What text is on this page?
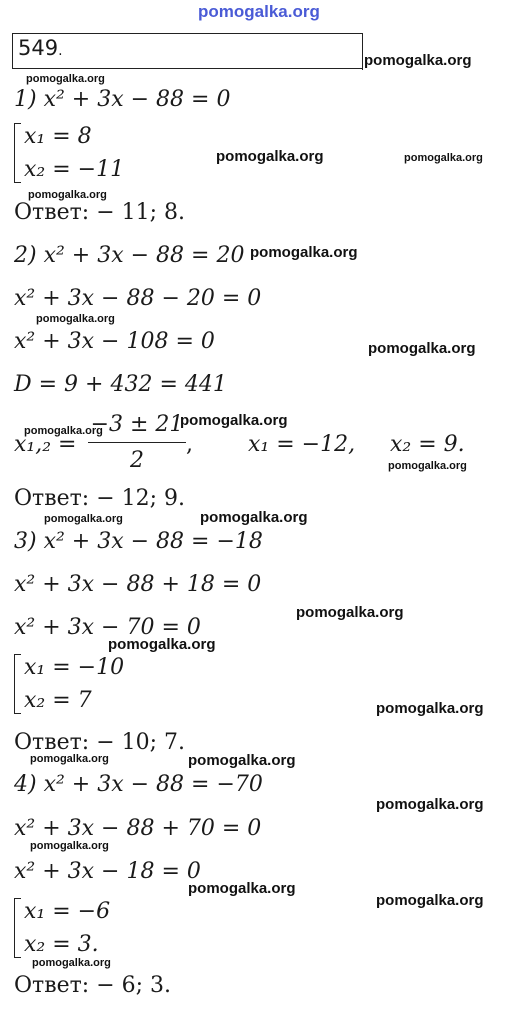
pomogalka.org
549.
1) x² + 3x − 88 = 0
x₁ = 8
x₂ = −11
Ответ: − 11; 8.
2) x² + 3x − 88 = 20
x² + 3x − 88 − 20 = 0
x² + 3x − 108 = 0
D = 9 + 432 = 441
x₁,₂ =
−3 ± 21
2
,	x₁ = −12, x₂ = 9.
Ответ: − 12; 9.
3) x² + 3x − 88 = −18
x² + 3x − 88 + 18 = 0
x² + 3x − 70 = 0
x₁ = −10
x₂ = 7
Ответ: − 10; 7.
4) x² + 3x − 88 = −70
x² + 3x − 88 + 70 = 0
x² + 3x − 18 = 0
x₁ = −6
x₂ = 3.
Ответ: − 6; 3.
pomogalka.org
pomogalka.org
pomogalka.org	pomogalka.org
pomogalka.org
pomogalka.org
pomogalka.org
pomogalka.org
pomogalka.org
pomogalka.org
pomogalka.org
pomogalka.org	pomogalka.org
pomogalka.org
pomogalka.org
pomogalka.org
pomogalka.org	pomogalka.org
pomogalka.org
pomogalka.org
pomogalka.org
pomogalka.org
pomogalka.org
